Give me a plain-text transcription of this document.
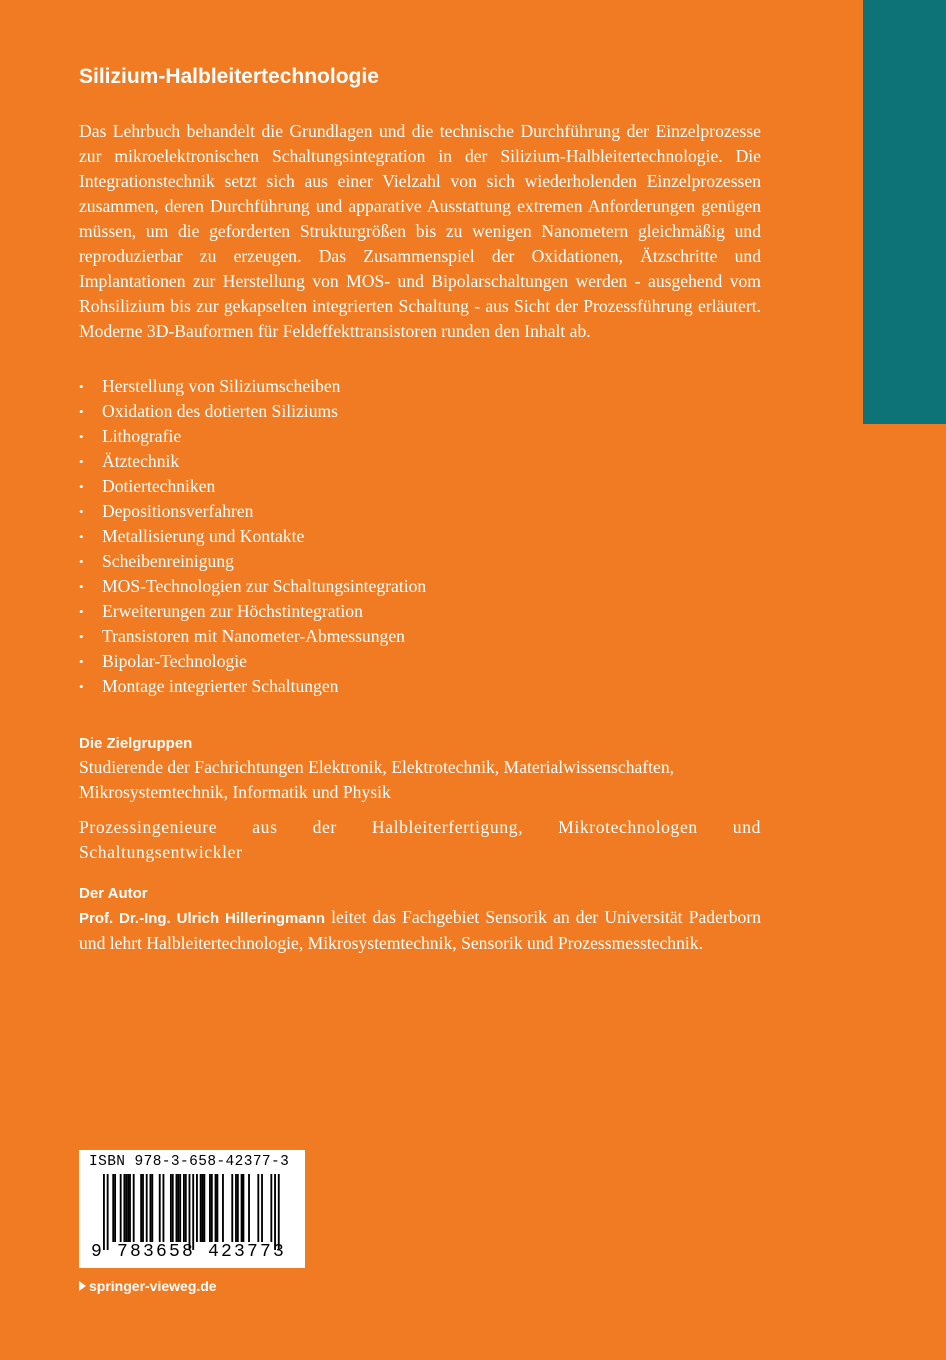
Silizium-Halbleitertechnologie

Das Lehrbuch behandelt die Grundlagen und die technische Durchführung der Einzelprozesse zur mikroelektronischen Schaltungsintegration in der Silizium-Halbleitertechnologie. Die Integrationstechnik setzt sich aus einer Vielzahl von sich wiederholenden Einzelprozessen zusammen, deren Durchführung und apparative Ausstattung extremen Anforderungen genügen müssen, um die geforderten Strukturgrößen bis zu wenigen Nanometern gleichmäßig und reproduzierbar zu erzeugen. Das Zusammenspiel der Oxidationen, Ätzschritte und Implantationen zur Herstellung von MOS- und Bipolarschaltungen werden - ausgehend vom Rohsilizium bis zur gekapselten integrierten Schaltung - aus Sicht der Prozessführung erläutert. Moderne 3D-Bauformen für Feldeffekttransistoren runden den Inhalt ab.

•	Herstellung von Siliziumscheiben
•	Oxidation des dotierten Siliziums
•	Lithografie
•	Ätztechnik
•	Dotiertechniken
•	Depositionsverfahren
•	Metallisierung und Kontakte
•	Scheibenreinigung
•	MOS-Technologien zur Schaltungsintegration
•	Erweiterungen zur Höchstintegration
•	Transistoren mit Nanometer-Abmessungen
•	Bipolar-Technologie
•	Montage integrierter Schaltungen

Die Zielgruppen

Studierende der Fachrichtungen Elektronik, Elektrotechnik, Materialwissenschaften, Mikrosystemtechnik, Informatik und Physik

Prozessingenieure aus der Halbleiterfertigung, Mikrotechnologen und Schaltungsentwickler

Der Autor

Prof. Dr.-Ing. Ulrich Hilleringmann leitet das Fachgebiet Sensorik an der Universität Paderborn und lehrt Halbleitertechnologie, Mikrosystemtechnik, Sensorik und Prozessmesstechnik.

ISBN 978-3-658-42377-3
9 783658 423773
springer-vieweg.de
